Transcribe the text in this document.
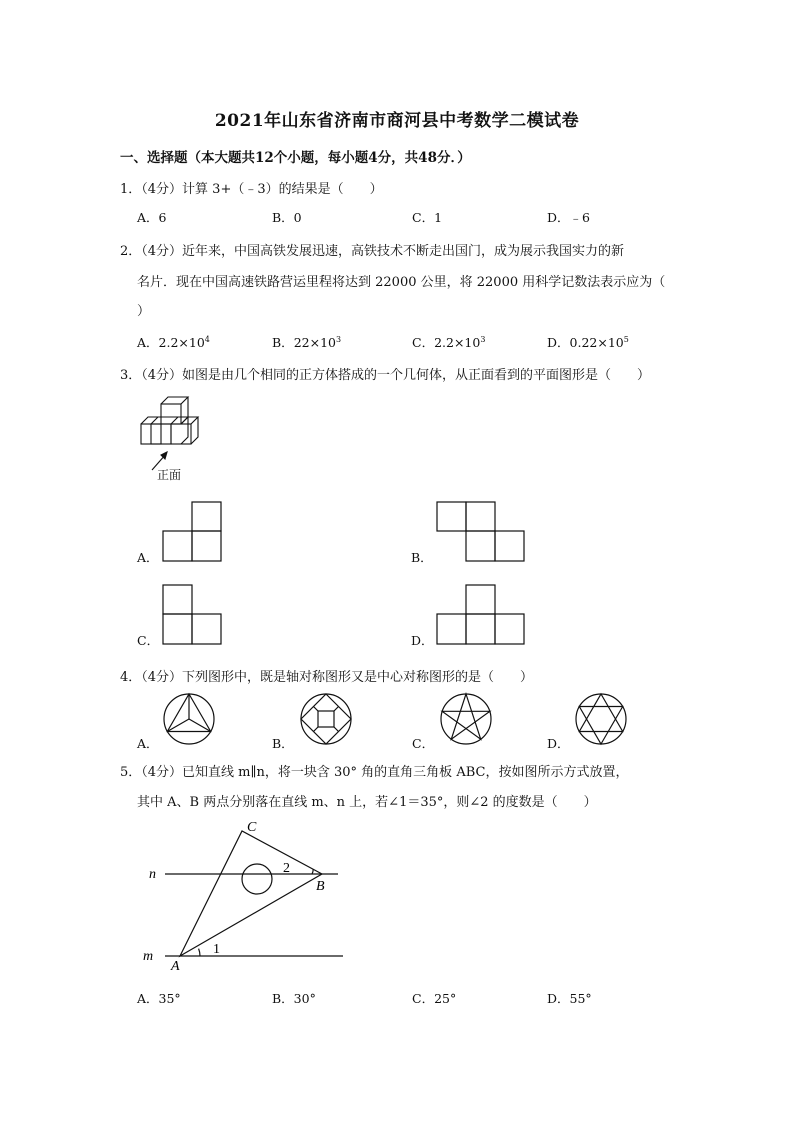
2021年山东省济南市商河县中考数学二模试卷
一、选择题（本大题共12个小题，每小题4分，共48分．）
1．（4分）计算 3+（﹣3）的结果是（　　）
A．6	B．0	C．1	D．﹣6
2．（4分）近年来，中国高铁发展迅速，高铁技术不断走出国门，成为展示我国实力的新
名片．现在中国高速铁路营运里程将达到 22000 公里，将 22000 用科学记数法表示应为（
）
A．$2.2\times 10^4$	B．$22\times 10^3$	C．$2.2\times 10^3$	D．$0.22\times 10^5$
3．（4分）如图是由几个相同的正方体搭成的一个几何体，从正面看到的平面图形是（　　）
正面
A．	B．
C．	D．
4．（4分）下列图形中，既是轴对称图形又是中心对称图形的是（　　）
A．	B．	C．	D．
5．（4分）已知直线 m∥n，将一块含 30° 角的直角三角板 ABC，按如图所示方式放置，
其中 A、B 两点分别落在直线 m、n 上，若∠1＝35°，则∠2 的度数是（　　）
C
B
A
m
n
1
2
A．35°	B．30°	C．25°	D．55°
